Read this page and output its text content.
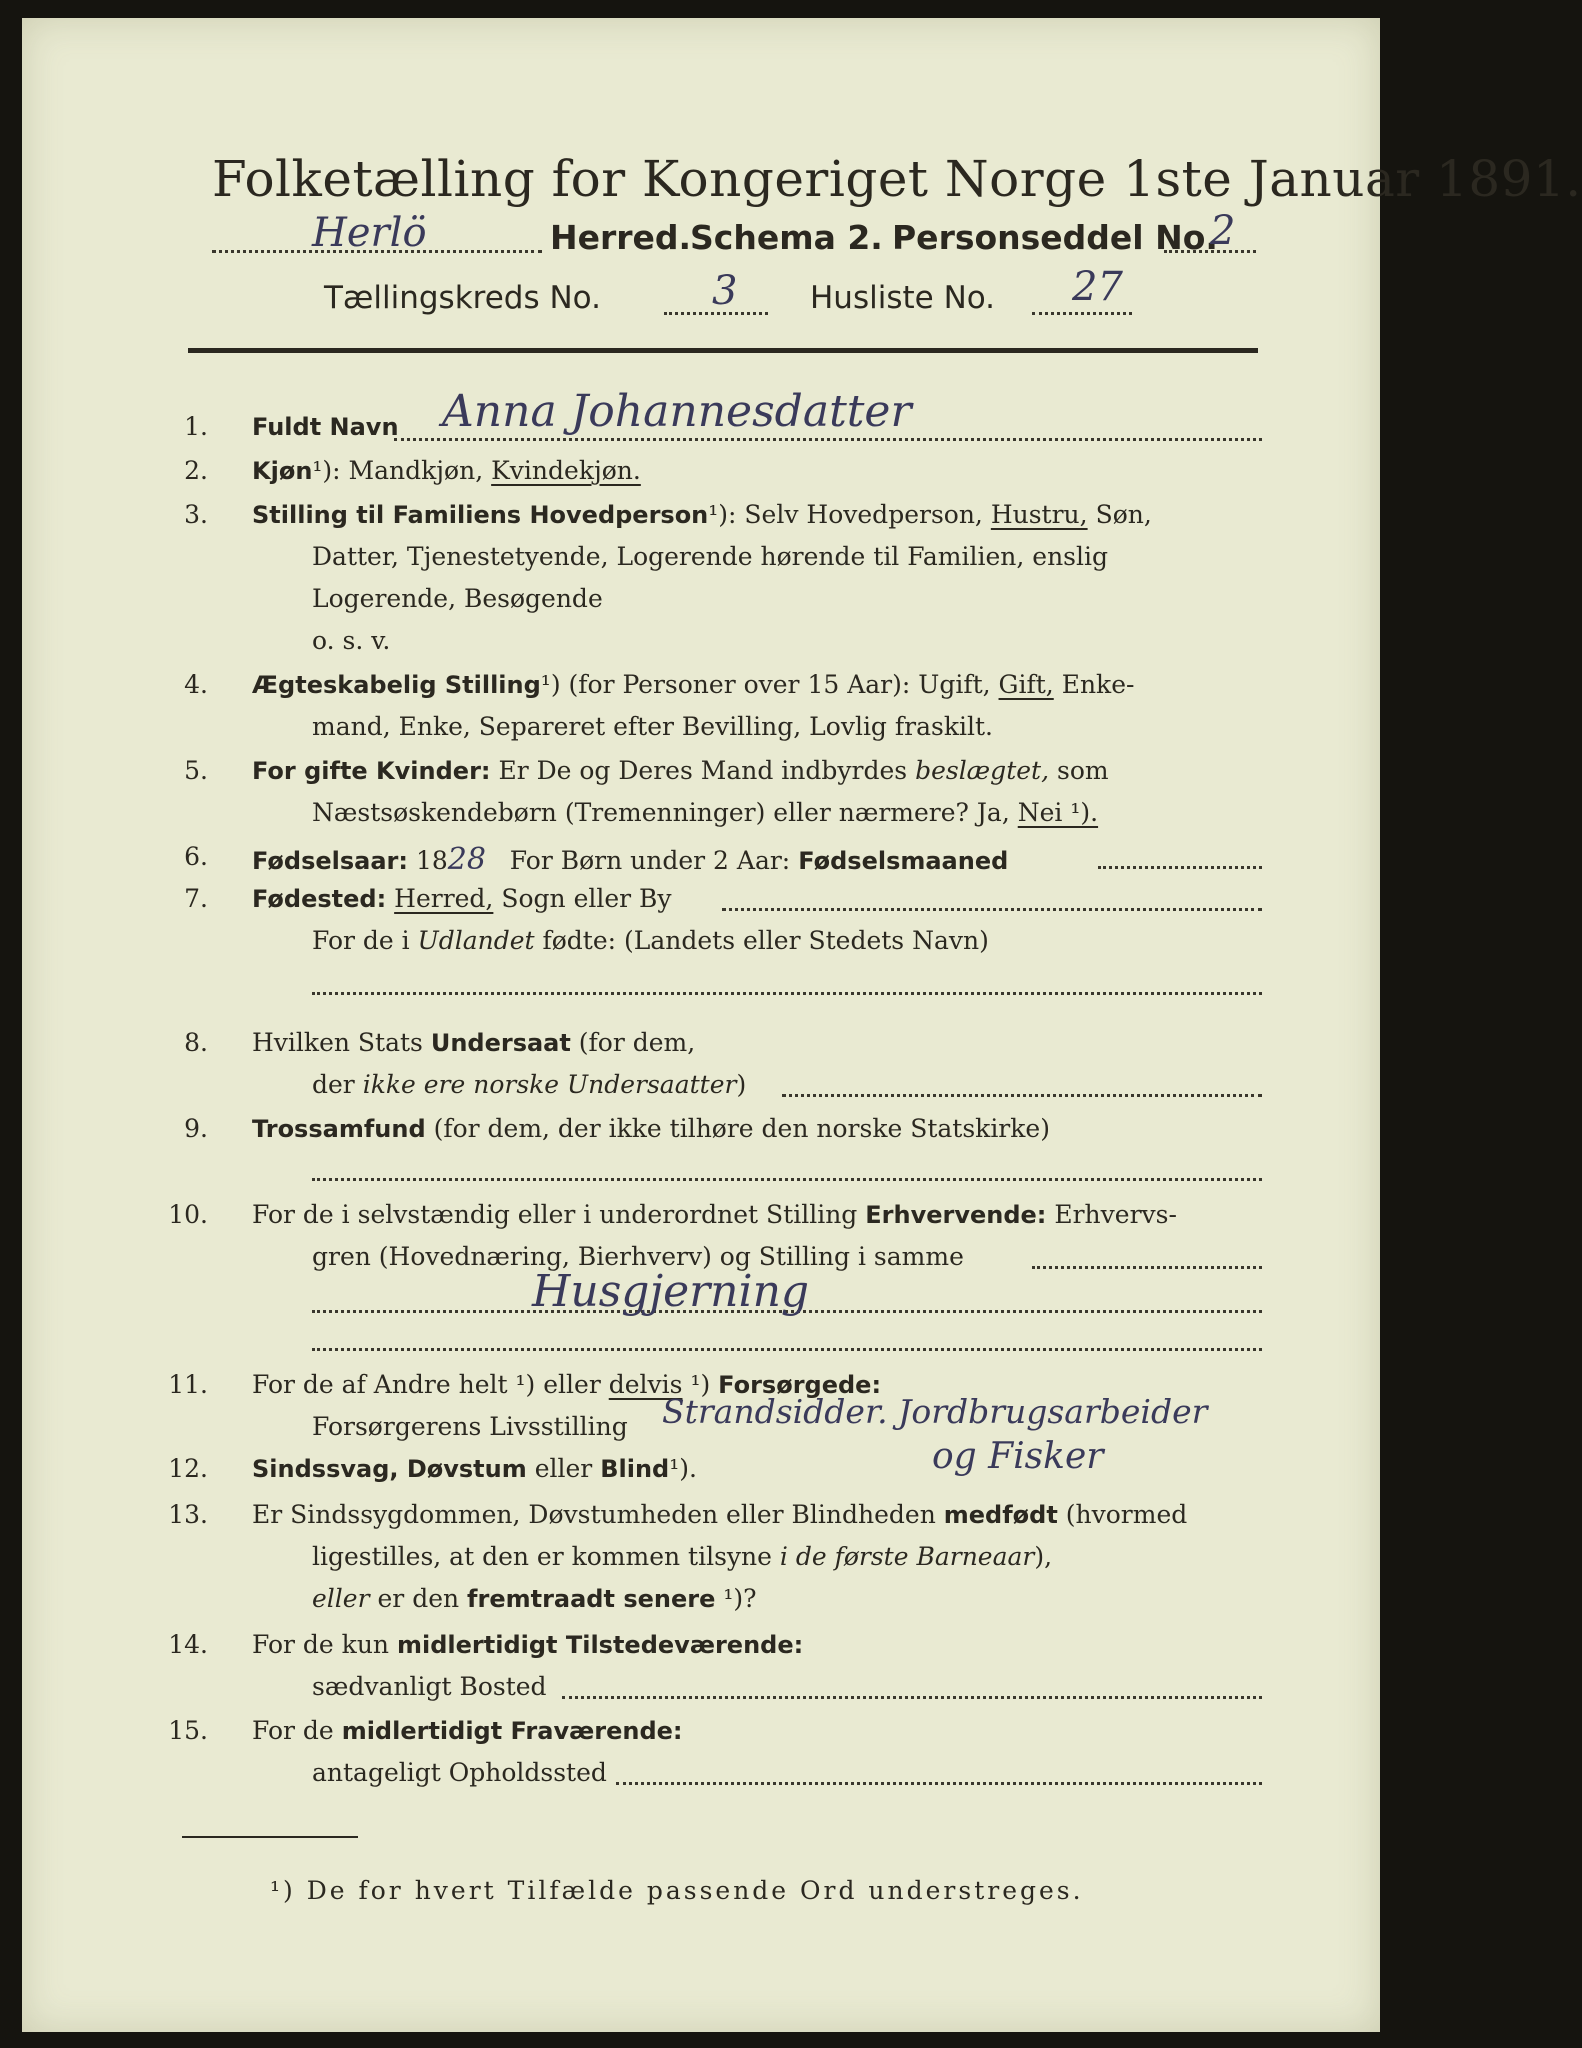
Folketælling for Kongeriget Norge 1ste Januar 1891.
Herlö	Herred.
Schema 2. Personseddel No.
2
Tællingskreds No.	3 Husliste No. 27
1. Fuldt Navn Anna Johannesdatter
2. Kjøn¹): Mandkjøn, Kvindekjøn.
3. Stilling til Familiens Hovedperson¹): Selv Hovedperson, Hustru, Søn,
Datter, Tjenestetyende, Logerende hørende til Familien, enslig
Logerende, Besøgende
o. s. v.
4. Ægteskabelig Stilling¹) (for Personer over 15 Aar): Ugift, Gift, Enke-
mand, Enke, Separeret efter Bevilling, Lovlig fraskilt.
5. For gifte Kvinder: Er De og Deres Mand indbyrdes beslægtet, som
Næstsøskendebørn (Tremenninger) eller nærmere? Ja, Nei ¹).
6. Fødselsaar: 1828 For Børn under 2 Aar: Fødselsmaaned
7. Fødested: Herred, Sogn eller By
For de i Udlandet fødte: (Landets eller Stedets Navn)
8. Hvilken Stats Undersaat (for dem,
der ikke ere norske Undersaatter)
9. Trossamfund (for dem, der ikke tilhøre den norske Statskirke)
10. For de i selvstændig eller i underordnet Stilling Erhvervende: Erhvervs-
gren (Hovednæring, Bierhverv) og Stilling i samme
Husgjerning
11. For de af Andre helt ¹) eller delvis ¹) Forsørgede:
Forsørgerens Livsstilling Strandsidder. Jordbrugsarbeider
12. Sindssvag, Døvstum eller Blind¹).	og Fisker
13. Er Sindssygdommen, Døvstumheden eller Blindheden medfødt (hvormed
ligestilles, at den er kommen tilsyne i de første Barneaar),
eller er den fremtraadt senere ¹)?
14. For de kun midlertidigt Tilstedeværende:
sædvanligt Bosted
15. For de midlertidigt Fraværende:
antageligt Opholdssted
¹) De for hvert Tilfælde passende Ord understreges.
